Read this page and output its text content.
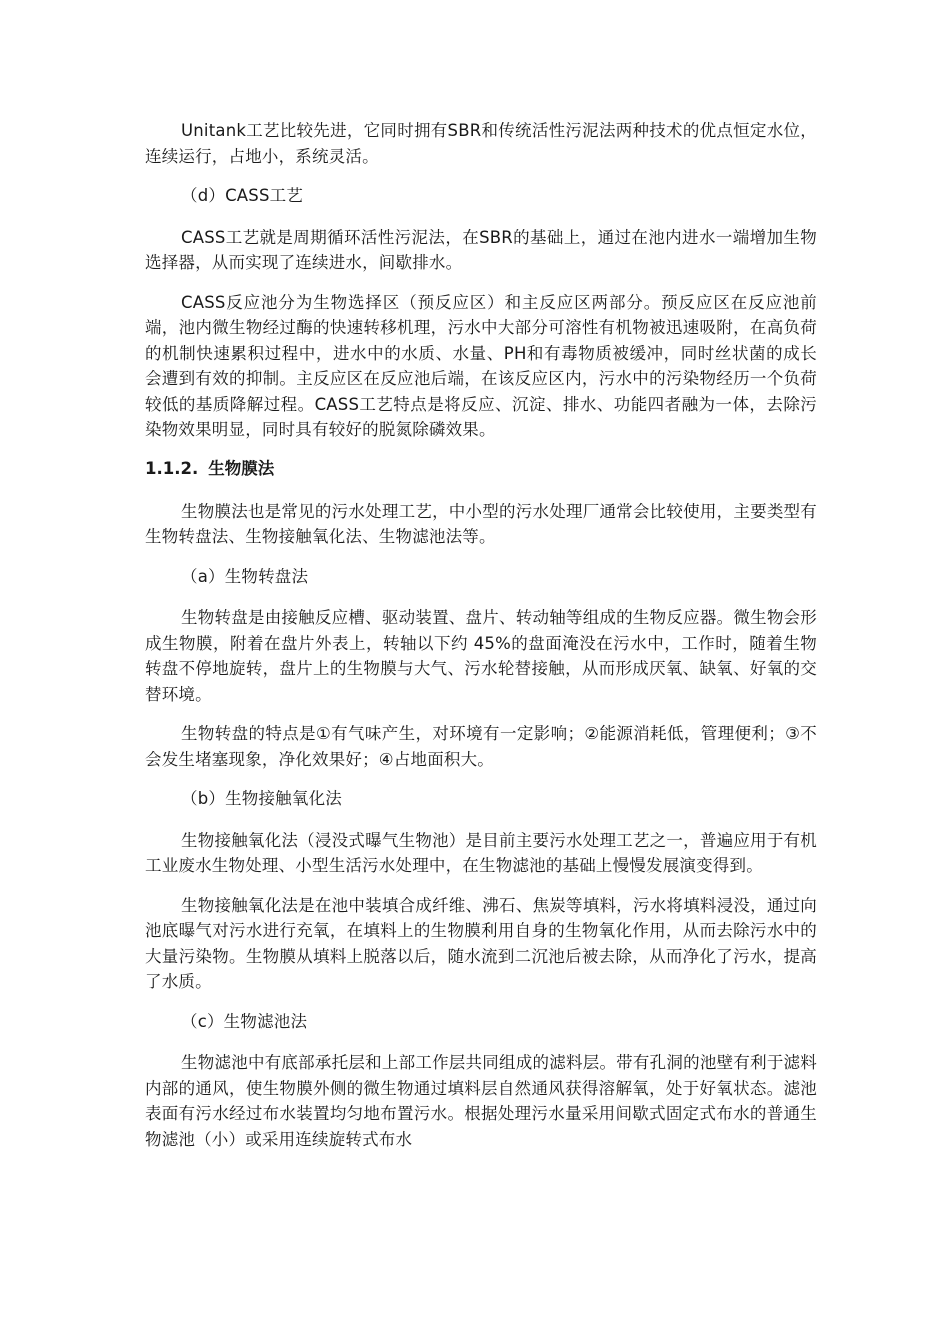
Unitank工艺比较先进，它同时拥有SBR和传统活性污泥法两种技术的优点恒定水位，连续运行，占地小，系统灵活。

（d）CASS工艺

CASS工艺就是周期循环活性污泥法，在SBR的基础上，通过在池内进水一端增加生物选择器，从而实现了连续进水，间歇排水。

CASS反应池分为生物选择区（预反应区）和主反应区两部分。预反应区在反应池前端，池内微生物经过酶的快速转移机理，污水中大部分可溶性有机物被迅速吸附，在高负荷的机制快速累积过程中，进水中的水质、水量、PH和有毒物质被缓冲，同时丝状菌的成长会遭到有效的抑制。主反应区在反应池后端，在该反应区内，污水中的污染物经历一个负荷较低的基质降解过程。CASS工艺特点是将反应、沉淀、排水、功能四者融为一体，去除污染物效果明显，同时具有较好的脱氮除磷效果。

1.1.2. 生物膜法

生物膜法也是常见的污水处理工艺，中小型的污水处理厂通常会比较使用，主要类型有生物转盘法、生物接触氧化法、生物滤池法等。

（a）生物转盘法

生物转盘是由接触反应槽、驱动装置、盘片、转动轴等组成的生物反应器。微生物会形成生物膜，附着在盘片外表上，转轴以下约 45%的盘面淹没在污水中，工作时，随着生物转盘不停地旋转，盘片上的生物膜与大气、污水轮替接触，从而形成厌氧、缺氧、好氧的交替环境。

生物转盘的特点是①有气味产生，对环境有一定影响；②能源消耗低，管理便利；③不会发生堵塞现象，净化效果好；④占地面积大。

（b）生物接触氧化法

生物接触氧化法（浸没式曝气生物池）是目前主要污水处理工艺之一，普遍应用于有机工业废水生物处理、小型生活污水处理中，在生物滤池的基础上慢慢发展演变得到。

生物接触氧化法是在池中装填合成纤维、沸石、焦炭等填料，污水将填料浸没，通过向池底曝气对污水进行充氧，在填料上的生物膜利用自身的生物氧化作用，从而去除污水中的大量污染物。生物膜从填料上脱落以后，随水流到二沉池后被去除，从而净化了污水，提高了水质。

（c）生物滤池法

生物滤池中有底部承托层和上部工作层共同组成的滤料层。带有孔洞的池壁有利于滤料内部的通风，使生物膜外侧的微生物通过填料层自然通风获得溶解氧，处于好氧状态。滤池表面有污水经过布水装置均匀地布置污水。根据处理污水量采用间歇式固定式布水的普通生物滤池（小）或采用连续旋转式布水
